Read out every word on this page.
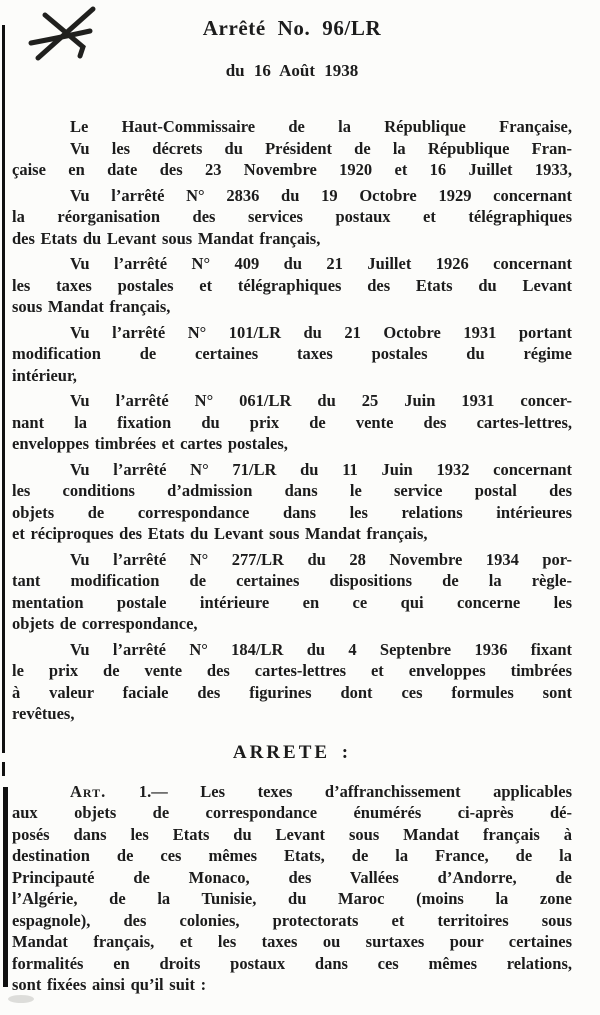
Arrêté No. 96/LR
du 16 Août 1938
Le Haut-Commissaire de la République Française,
Vu les décrets du Président de la République Fran-
çaise en date des 23 Novembre 1920 et 16 Juillet 1933,
Vu l’arrêté N° 2836 du 19 Octobre 1929 concernant
la réorganisation des services postaux et télégraphiques
des Etats du Levant sous Mandat français,
Vu l’arrêté N° 409 du 21 Juillet 1926 concernant
les taxes postales et télégraphiques des Etats du Levant
sous Mandat français,
Vu l’arrêté N° 101/LR du 21 Octobre 1931 portant
modification de certaines taxes postales du régime
intérieur,
Vu l’arrêté N° 061/LR du 25 Juin 1931 concer-
nant la fixation du prix de vente des cartes-lettres,
enveloppes timbrées et cartes postales,
Vu l’arrêté N° 71/LR du 11 Juin 1932 concernant
les conditions d’admission dans le service postal des
objets de correspondance dans les relations intérieures
et réciproques des Etats du Levant sous Mandat français,
Vu l’arrêté N° 277/LR du 28 Novembre 1934 por-
tant modification de certaines dispositions de la règle-
mentation postale intérieure en ce qui concerne les
objets de correspondance,
Vu l’arrêté N° 184/LR du 4 Septenbre 1936 fixant
le prix de vente des cartes-lettres et enveloppes timbrées
à valeur faciale des figurines dont ces formules sont
revêtues,
ARRETE :
Art. 1.— Les texes d’affranchissement applicables
aux objets de correspondance énumérés ci-après dé-
posés dans les Etats du Levant sous Mandat français à
destination de ces mêmes Etats, de la France, de la
Principauté de Monaco, des Vallées d’Andorre, de
l’Algérie, de la Tunisie, du Maroc (moins la zone
espagnole), des colonies, protectorats et territoires sous
Mandat français, et les taxes ou surtaxes pour certaines
formalités en droits postaux dans ces mêmes relations,
sont fixées ainsi qu’il suit :
